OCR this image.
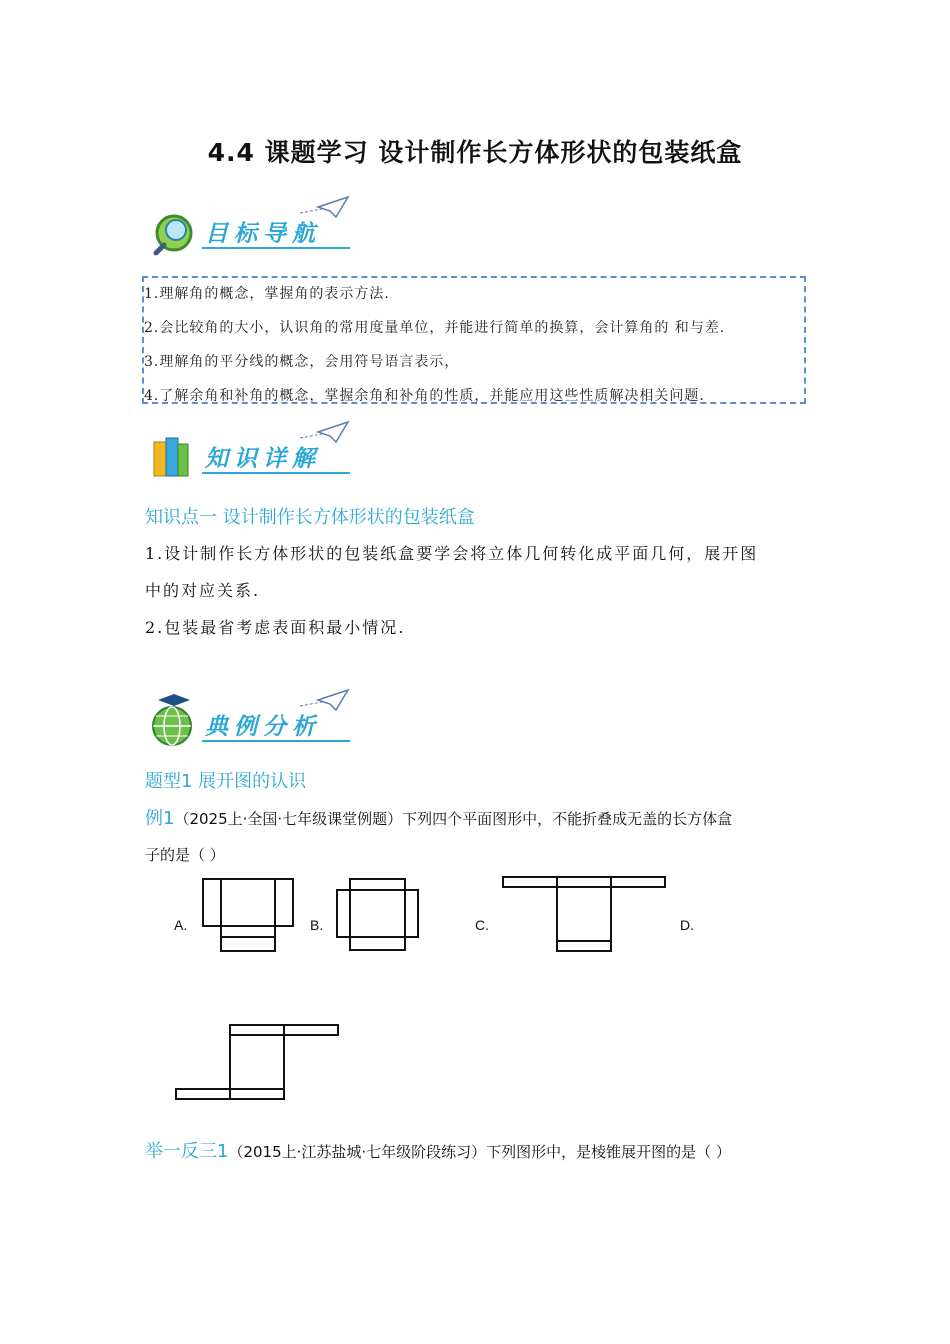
4.4 课题学习 设计制作长方体形状的包装纸盒
目标导航
1.理解角的概念，掌握角的表示方法.
2.会比较角的大小，认识角的常用度量单位，并能进行简单的换算，会计算角的 和与差.
3.理解角的平分线的概念，会用符号语言表示，
4.了解余角和补角的概念，掌握余角和补角的性质，并能应用这些性质解决相关问题.
知识详解
知识点一 设计制作长方体形状的包装纸盒
1.设计制作长方体形状的包装纸盒要学会将立体几何转化成平面几何，展开图
中的对应关系.
2.包装最省考虑表面积最小情况.
典例分析
题型1 展开图的认识
例1（2025上·全国·七年级课堂例题）下列四个平面图形中，不能折叠成无盖的长方体盒
子的是（ ）
A.	B.	C.	D.
举一反三1（2015上·江苏盐城·七年级阶段练习）下列图形中，是棱锥展开图的是（ ）
